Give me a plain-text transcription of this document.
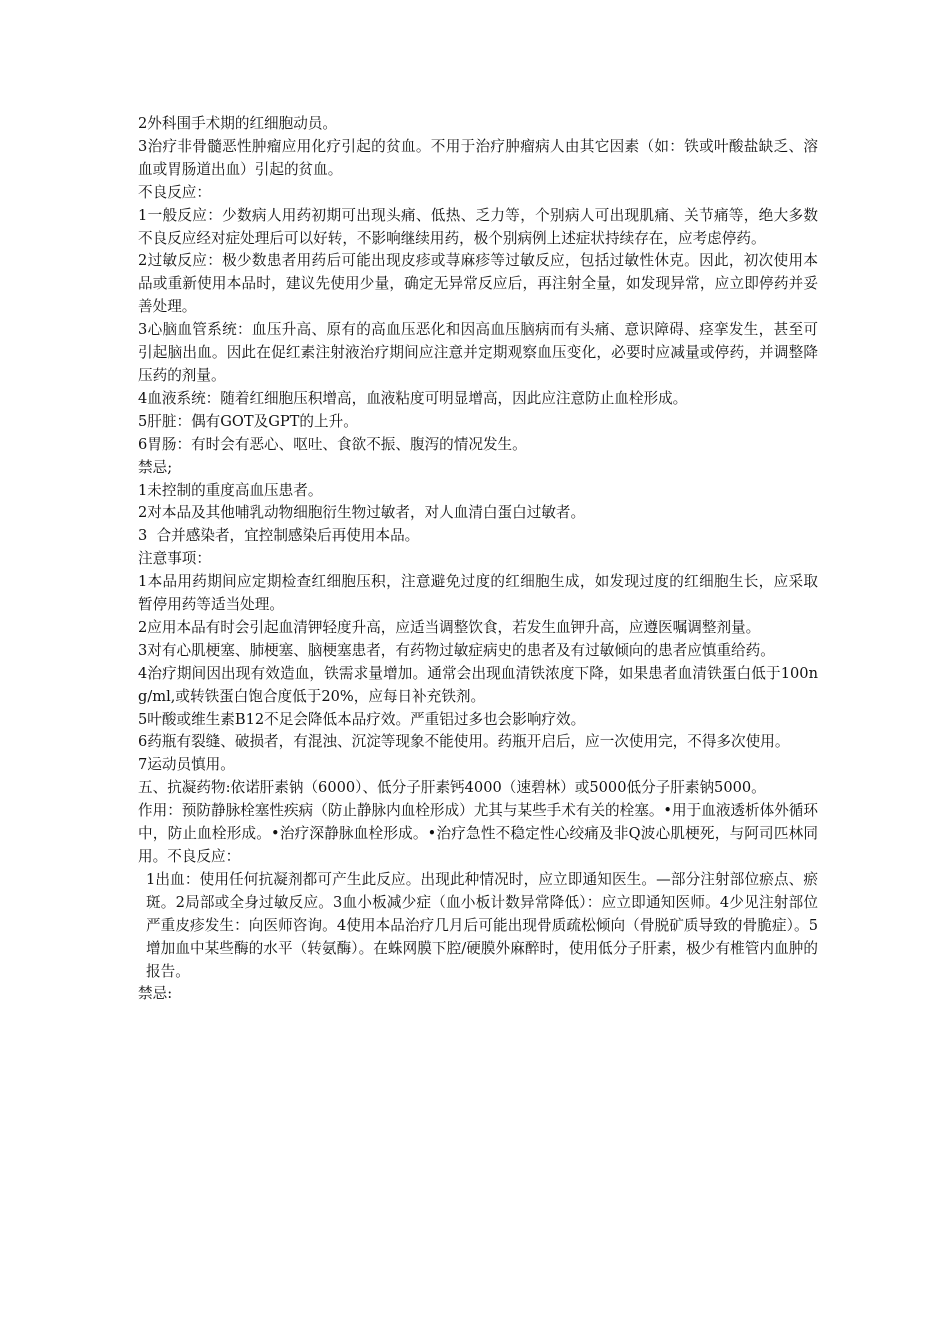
2外科围手术期的红细胞动员。

3治疗非骨髓恶性肿瘤应用化疗引起的贫血。不用于治疗肿瘤病人由其它因素（如：铁或叶酸盐缺乏、溶血或胃肠道出血）引起的贫血。

不良反应：

1一般反应：少数病人用药初期可出现头痛、低热、乏力等，个别病人可出现肌痛、关节痛等，绝大多数不良反应经对症处理后可以好转，不影响继续用药，极个别病例上述症状持续存在，应考虑停药。

2过敏反应：极少数患者用药后可能出现皮疹或荨麻疹等过敏反应，包括过敏性休克。因此，初次使用本品或重新使用本品时，建议先使用少量，确定无异常反应后，再注射全量，如发现异常，应立即停药并妥善处理。

3心脑血管系统：血压升高、原有的高血压恶化和因高血压脑病而有头痛、意识障碍、痉挛发生，甚至可引起脑出血。因此在促红素注射液治疗期间应注意并定期观察血压变化，必要时应减量或停药，并调整降压药的剂量。

4血液系统：随着红细胞压积增高，血液粘度可明显增高，因此应注意防止血栓形成。

5肝脏：偶有GOT及GPT的上升。

6胃肠：有时会有恶心、呕吐、食欲不振、腹泻的情况发生。

禁忌;

1未控制的重度高血压患者。

2对本品及其他哺乳动物细胞衍生物过敏者，对人血清白蛋白过敏者。

3  合并感染者，宜控制感染后再使用本品。

注意事项：

1本品用药期间应定期检查红细胞压积，注意避免过度的红细胞生成，如发现过度的红细胞生长，应采取暂停用药等适当处理。

2应用本品有时会引起血清钾轻度升高，应适当调整饮食，若发生血钾升高，应遵医嘱调整剂量。

3对有心肌梗塞、肺梗塞、脑梗塞患者，有药物过敏症病史的患者及有过敏倾向的患者应慎重给药。

4治疗期间因出现有效造血，铁需求量增加。通常会出现血清铁浓度下降，如果患者血清铁蛋白低于100ng/ml,或转铁蛋白饱合度低于20%，应每日补充铁剂。

5叶酸或维生素B12不足会降低本品疗效。严重铝过多也会影响疗效。

6药瓶有裂缝、破损者，有混浊、沉淀等现象不能使用。药瓶开启后，应一次使用完，不得多次使用。

7运动员慎用。

五、抗凝药物:依诺肝素钠（6000）、低分子肝素钙4000（速碧林）或5000低分子肝素钠5000。

作用：预防静脉栓塞性疾病（防止静脉内血栓形成）尤其与某些手术有关的栓塞。•用于血液透析体外循环中，防止血栓形成。•治疗深静脉血栓形成。•治疗急性不稳定性心绞痛及非Q波心肌梗死，与阿司匹林同用。不良反应：

1出血：使用任何抗凝剂都可产生此反应。出现此种情况时，应立即通知医生。—部分注射部位瘀点、瘀斑。2局部或全身过敏反应。3血小板减少症（血小板计数异常降低）：应立即通知医师。4少见注射部位严重皮疹发生：向医师咨询。4使用本品治疗几月后可能出现骨质疏松倾向（骨脱矿质导致的骨脆症）。5增加血中某些酶的水平（转氨酶）。在蛛网膜下腔/硬膜外麻醉时，使用低分子肝素，极少有椎管内血肿的报告。

禁忌:
